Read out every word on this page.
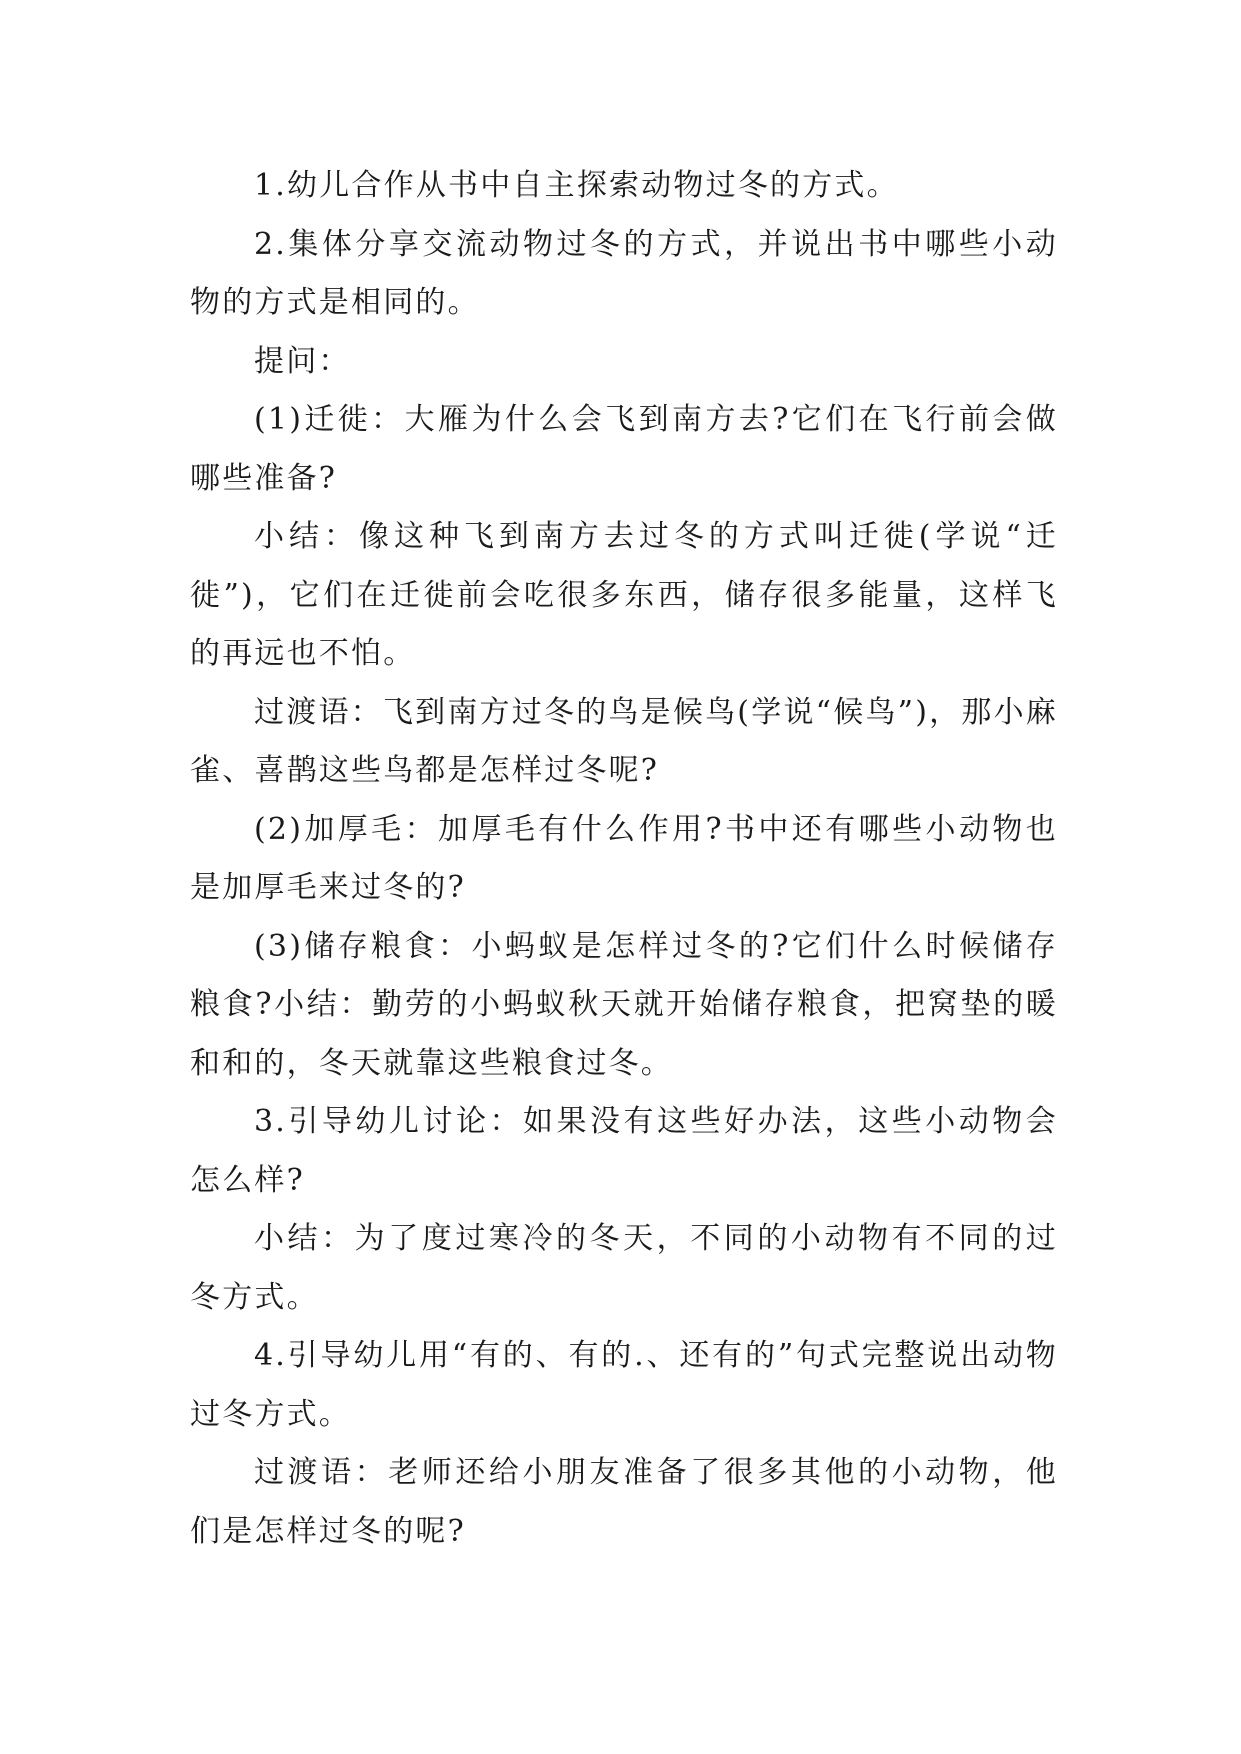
1.幼儿合作从书中自主探索动物过冬的方式。

2.集体分享交流动物过冬的方式，并说出书中哪些小动物的方式是相同的。

提问：

(1)迁徙：大雁为什么会飞到南方去?它们在飞行前会做哪些准备?

小结：像这种飞到南方去过冬的方式叫迁徙(学说“迁徙”)，它们在迁徙前会吃很多东西，储存很多能量，这样飞的再远也不怕。

过渡语：飞到南方过冬的鸟是候鸟(学说“候鸟”)，那小麻雀、喜鹊这些鸟都是怎样过冬呢?

(2)加厚毛：加厚毛有什么作用?书中还有哪些小动物也是加厚毛来过冬的?

(3)储存粮食：小蚂蚁是怎样过冬的?它们什么时候储存粮食?小结：勤劳的小蚂蚁秋天就开始储存粮食，把窝垫的暖和和的，冬天就靠这些粮食过冬。

3.引导幼儿讨论：如果没有这些好办法，这些小动物会怎么样?

小结：为了度过寒冷的冬天，不同的小动物有不同的过冬方式。

4.引导幼儿用“有的、有的.、还有的”句式完整说出动物过冬方式。

过渡语：老师还给小朋友准备了很多其他的小动物，他们是怎样过冬的呢?
